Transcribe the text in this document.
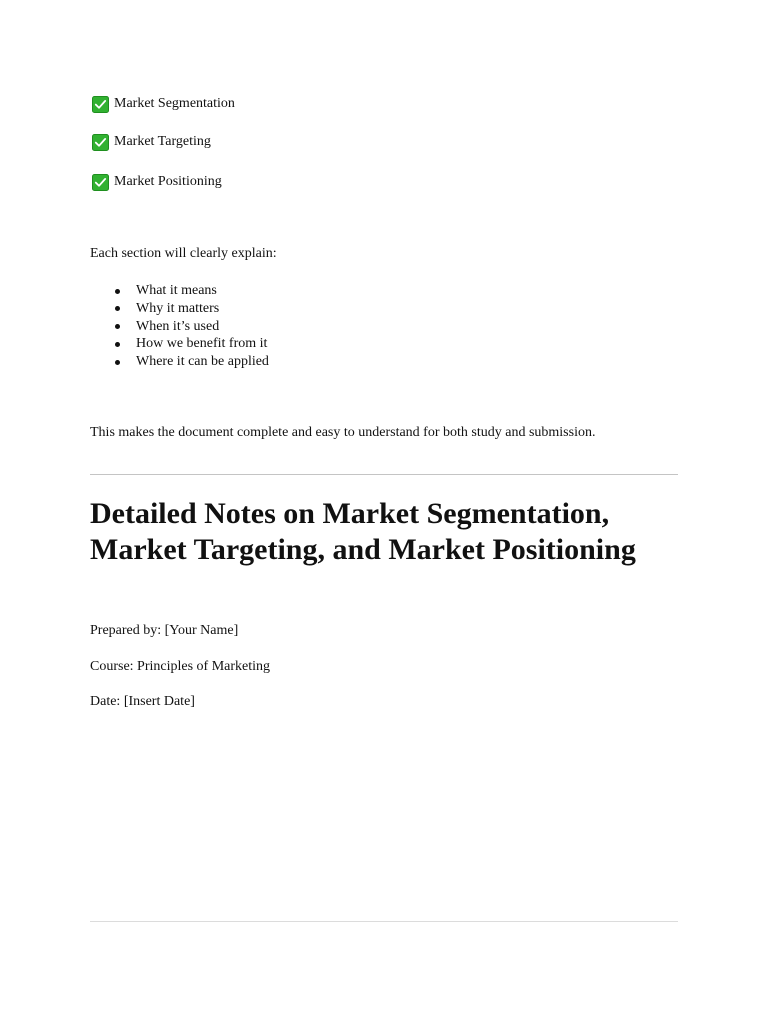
Market Segmentation
Market Targeting
Market Positioning

Each section will clearly explain:

What it means
Why it matters
When it’s used
How we benefit from it
Where it can be applied

This makes the document complete and easy to understand for both study and submission.

Detailed Notes on Market Segmentation, Market Targeting, and Market Positioning

Prepared by: [Your Name]

Course: Principles of Marketing

Date: [Insert Date]
